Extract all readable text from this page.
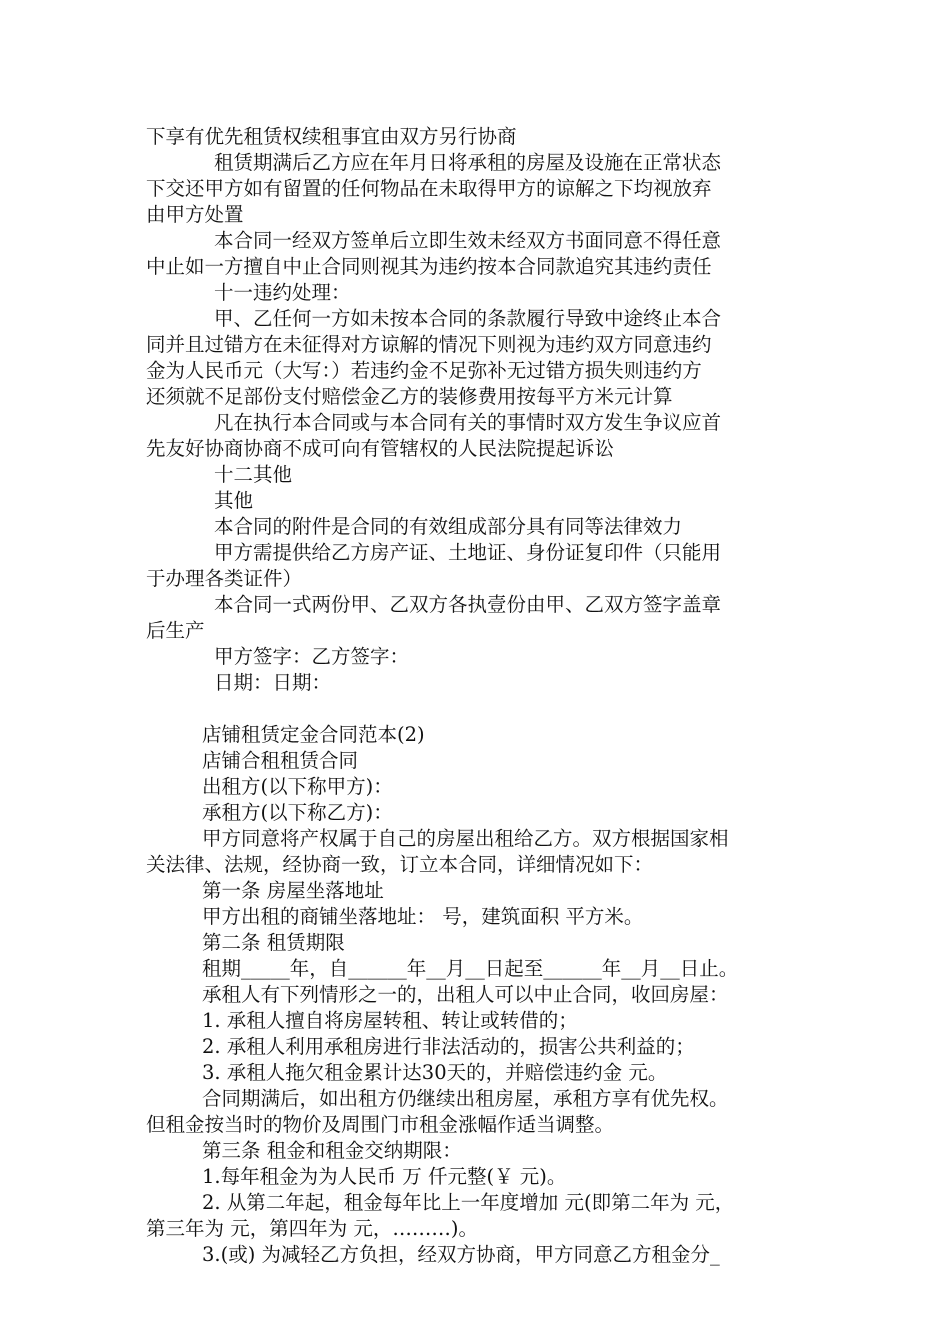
下享有优先租赁权续租事宜由双方另行协商
租赁期满后乙方应在年月日将承租的房屋及设施在正常状态
下交还甲方如有留置的任何物品在未取得甲方的谅解之下均视放弃
由甲方处置
本合同一经双方签单后立即生效未经双方书面同意不得任意
中止如一方擅自中止合同则视其为违约按本合同款追究其违约责任
十一违约处理：
甲、乙任何一方如未按本合同的条款履行导致中途终止本合
同并且过错方在未征得对方谅解的情况下则视为违约双方同意违约
金为人民币元（大写：）若违约金不足弥补无过错方损失则违约方
还须就不足部份支付赔偿金乙方的装修费用按每平方米元计算
凡在执行本合同或与本合同有关的事情时双方发生争议应首
先友好协商协商不成可向有管辖权的人民法院提起诉讼
十二其他
其他
本合同的附件是合同的有效组成部分具有同等法律效力
甲方需提供给乙方房产证、土地证、身份证复印件（只能用
于办理各类证件）
本合同一式两份甲、乙双方各执壹份由甲、乙双方签字盖章
后生产
甲方签字：乙方签字：
日期：日期：
店铺租赁定金合同范本(2)
店铺合租租赁合同
出租方(以下称甲方)：
承租方(以下称乙方)：
甲方同意将产权属于自己的房屋出租给乙方。双方根据国家相
关法律、法规，经协商一致，订立本合同，详细情况如下：
第一条 房屋坐落地址
甲方出租的商铺坐落地址： 号，建筑面积 平方米。
第二条 租赁期限
租期_____年，自______年__月__日起至______年__月__日止。
承租人有下列情形之一的，出租人可以中止合同，收回房屋：
1. 承租人擅自将房屋转租、转让或转借的；
2. 承租人利用承租房进行非法活动的，损害公共利益的；
3. 承租人拖欠租金累计达30天的，并赔偿违约金 元。
合同期满后，如出租方仍继续出租房屋，承租方享有优先权。
但租金按当时的物价及周围门市租金涨幅作适当调整。
第三条 租金和租金交纳期限：
1.每年租金为为人民币 万 仟元整(￥ 元)。
2. 从第二年起，租金每年比上一年度增加 元(即第二年为 元，
第三年为 元，第四年为 元，………)。
3.(或) 为减轻乙方负担，经双方协商，甲方同意乙方租金分_
